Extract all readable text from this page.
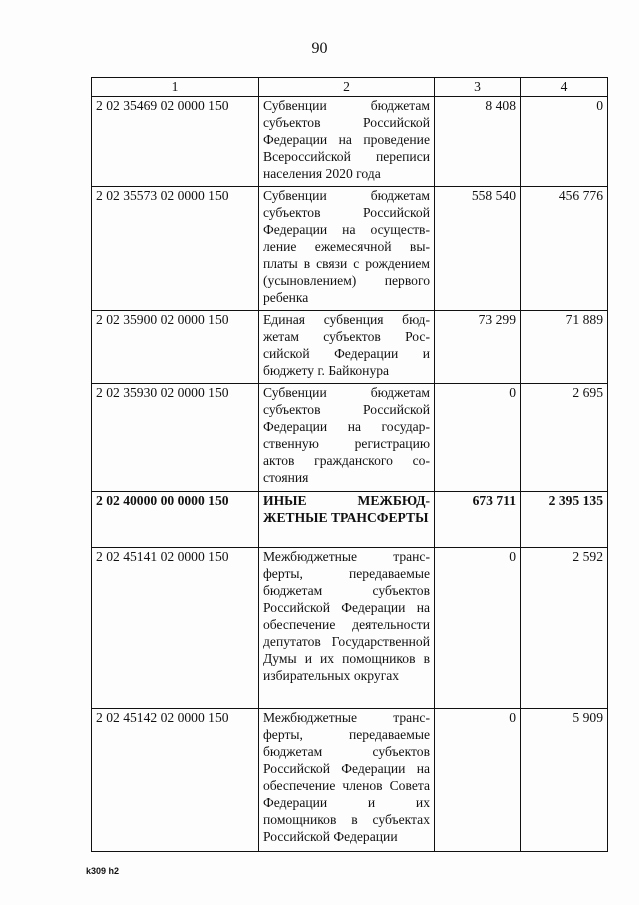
90
1	2	3	4
2 02 35469 02 0000 150	Субвенции бюджетам субъектов Российской Федерации на проведение Всероссийской переписи населения 2020 года	8 408	0
2 02 35573 02 0000 150	Субвенции бюджетам субъектов Российской Федерации на осуществление ежемесячной выплаты в связи с рождением (усыновлением) первого ребенка	558 540	456 776
2 02 35900 02 0000 150	Единая субвенция бюджетам субъектов Российской Федерации и бюджету г. Байконура	73 299	71 889
2 02 35930 02 0000 150	Субвенции бюджетам субъектов Российской Федерации на государственную регистрацию актов гражданского состояния	0	2 695
2 02 40000 00 0000 150	ИНЫЕ МЕЖБЮДЖЕТНЫЕ ТРАНСФЕРТЫ	673 711	2 395 135
2 02 45141 02 0000 150	Межбюджетные трансферты, передаваемые бюджетам субъектов Российской Федерации на обеспечение деятельности депутатов Государственной Думы и их помощников в избирательных округах	0	2 592
2 02 45142 02 0000 150	Межбюджетные трансферты, передаваемые бюджетам субъектов Российской Федерации на обеспечение членов Совета Федерации и их помощников в субъектах Российской Федерации	0	5 909
k309 h2
